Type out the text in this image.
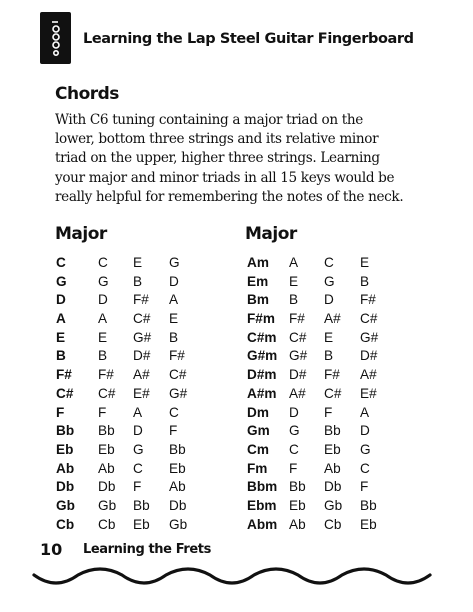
Learning the Lap Steel Guitar Fingerboard
Chords

With C6 tuning containing a major triad on the
lower, bottom three strings and its relative minor
triad on the upper, higher three strings. Learning
your major and minor triads in all 15 keys would be
really helpful for remembering the notes of the neck.

Major	Major
C C E G
G G B D
D D F# A
A A C# E
E E G# B
B B D# F#
F# F# A# C#
C# C# E# G#
F F A C
Bb Bb D F
Eb Eb G Bb
Ab Ab C Eb
Db Db F Ab
Gb Gb Bb Db
Cb Cb Eb Gb
Am A C E
Em E G B
Bm B D F#
F#m F# A# C#
C#m C# E G#
G#m G# B D#
D#m D# F# A#
A#m A# C# E#
Dm D F A
Gm G Bb D
Cm C Eb G
Fm F Ab C
Bbm Bb Db F
Ebm Eb Gb Bb
Abm Ab Cb Eb
10 Learning the Frets
